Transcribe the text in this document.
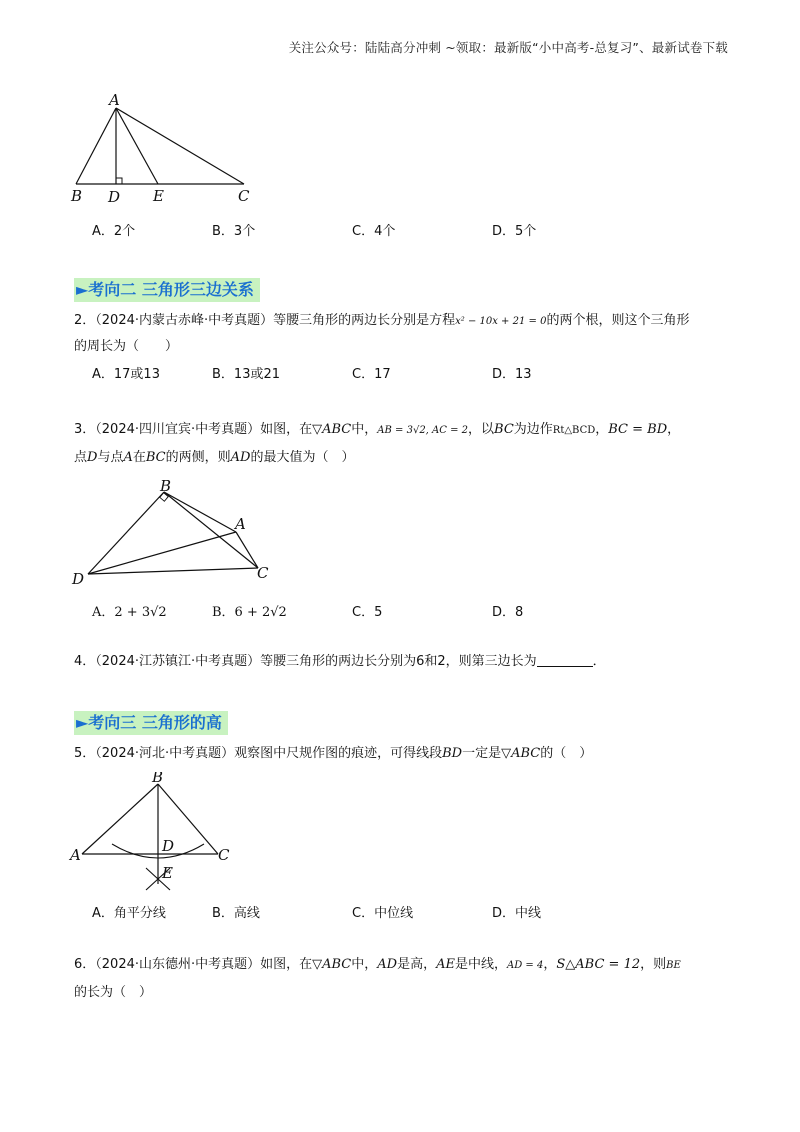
关注公众号：陆陆高分冲刺 ~领取：最新版“小中高考-总复习”、最新试卷下载
A
B D E	C
A．2个	B．3个	C．4个	D．5个
►考向二 三角形三边关系
2．（2024·内蒙古赤峰·中考真题）等腰三角形的两边长分别是方程x² − 10x + 21 = 0的两个根，则这个三角形
的周长为（　　）
A．17或13	B．13或21	C．17	D．13
3．（2024·四川宜宾·中考真题）如图，在▽ABC中，AB = 3√2, AC = 2，以BC为边作Rt△BCD，BC = BD，
点D与点A在BC的两侧，则AD的最大值为（　）
B
A
D	C
A．2 + 3√2	B．6 + 2√2	C．5	D．8
4．（2024·江苏镇江·中考真题）等腰三角形的两边长分别为6和2，则第三边长为	．
►考向三 三角形的高
5．（2024·河北·中考真题）观察图中尺规作图的痕迹，可得线段BD一定是▽ABC的（　）
B
A	D	C
E
A．角平分线	B．高线	C．中位线	D．中线
6．（2024·山东德州·中考真题）如图，在▽ABC中，AD是高，AE是中线，AD = 4，S△ABC = 12，则BE
的长为（　）
